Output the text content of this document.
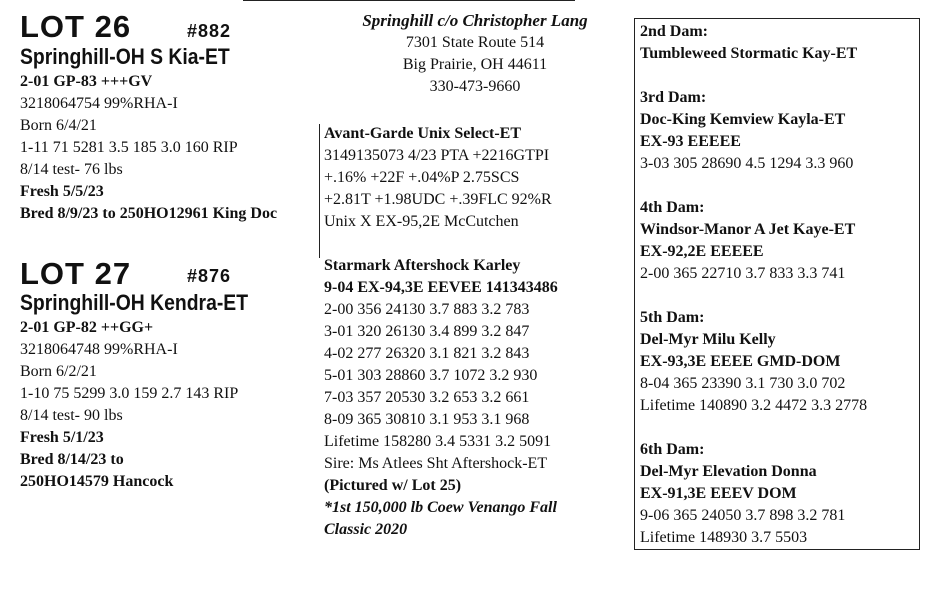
LOT 26	#882
Springhill-OH S Kia-ET
2-01 GP-83 +++GV
3218064754 99%RHA-I
Born 6/4/21
1-11 71 5281 3.5 185 3.0 160 RIP
8/14 test- 76 lbs
Fresh 5/5/23
Bred 8/9/23 to 250HO12961 King Doc
LOT 27	#876
Springhill-OH Kendra-ET
2-01 GP-82 ++GG+
3218064748 99%RHA-I
Born 6/2/21
1-10 75 5299 3.0 159 2.7 143 RIP
8/14 test- 90 lbs
Fresh 5/1/23
Bred 8/14/23 to
250HO14579 Hancock
Springhill c/o Christopher Lang
7301 State Route 514
Big Prairie, OH 44611
330-473-9660
Avant-Garde Unix Select-ET
3149135073 4/23 PTA +2216GTPI
+.16% +22F +.04%P 2.75SCS
+2.81T +1.98UDC +.39FLC 92%R
Unix X EX-95,2E McCutchen
Starmark Aftershock Karley
9-04 EX-94,3E EEVEE 141343486
2-00 356 24130 3.7 883 3.2 783
3-01 320 26130 3.4 899 3.2 847
4-02 277 26320 3.1 821 3.2 843
5-01 303 28860 3.7 1072 3.2 930
7-03 357 20530 3.2 653 3.2 661
8-09 365 30810 3.1 953 3.1 968
Lifetime 158280 3.4 5331 3.2 5091
Sire: Ms Atlees Sht Aftershock-ET
(Pictured w/ Lot 25)
*1st 150,000 lb Coew Venango Fall
Classic 2020
2nd Dam:
Tumbleweed Stormatic Kay-ET
3rd Dam:
Doc-King Kemview Kayla-ET
EX-93 EEEEE
3-03 305 28690 4.5 1294 3.3 960
4th Dam:
Windsor-Manor A Jet Kaye-ET
EX-92,2E EEEEE
2-00 365 22710 3.7 833 3.3 741
5th Dam:
Del-Myr Milu Kelly
EX-93,3E EEEE GMD-DOM
8-04 365 23390 3.1 730 3.0 702
Lifetime 140890 3.2 4472 3.3 2778
6th Dam:
Del-Myr Elevation Donna
EX-91,3E EEEV DOM
9-06 365 24050 3.7 898 3.2 781
Lifetime 148930 3.7 5503
